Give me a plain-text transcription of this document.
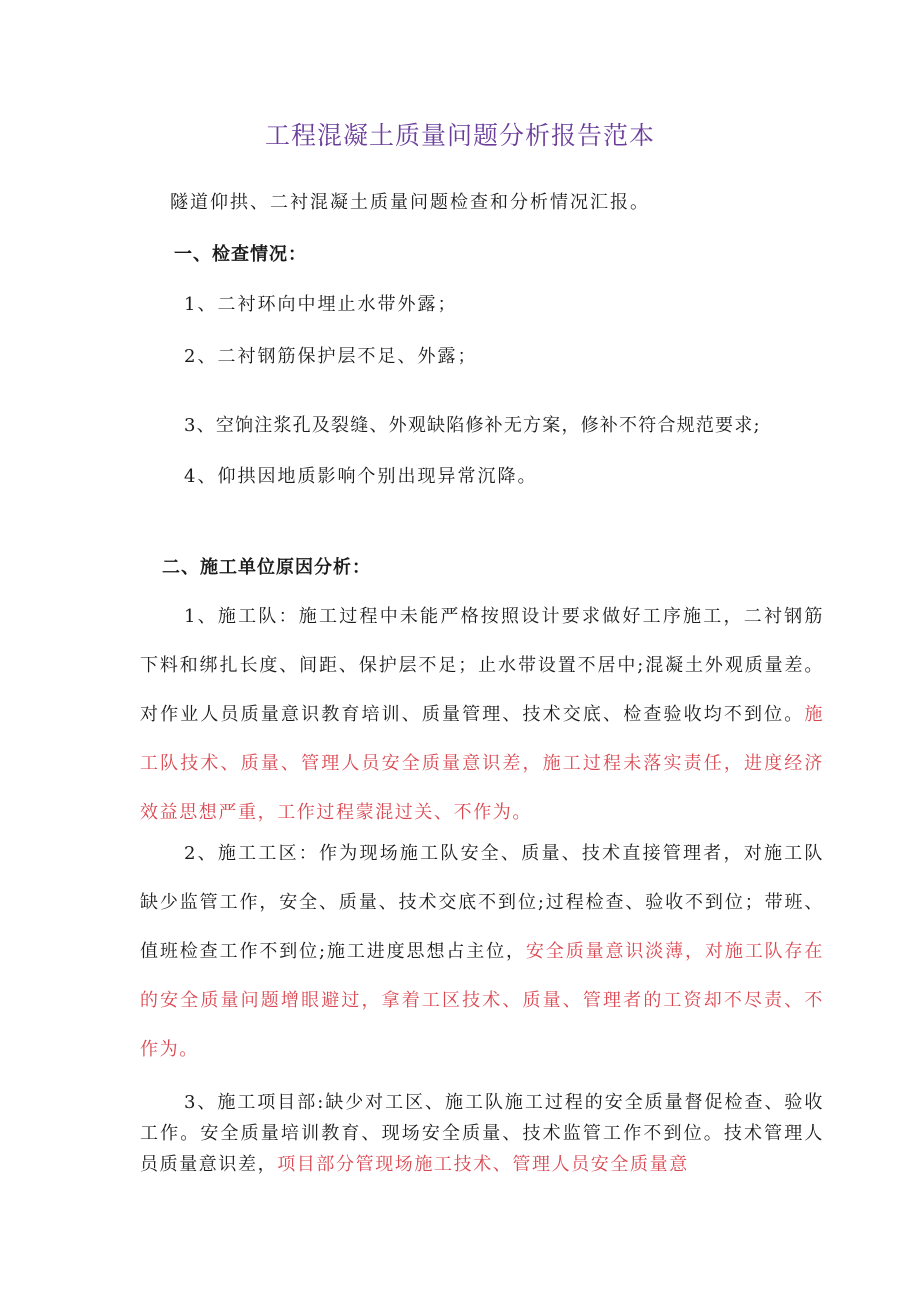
工程混凝土质量问题分析报告范本
隧道仰拱、二衬混凝土质量问题检查和分析情况汇报。
一、检查情况：
1、二衬环向中埋止水带外露；
2、二衬钢筋保护层不足、外露；
3、空饷注浆孔及裂缝、外观缺陷修补无方案，修补不符合规范要求;
4、仰拱因地质影响个别出现异常沉降。
二、施工单位原因分析：
1、施工队：施工过程中未能严格按照设计要求做好工序施工，二衬钢筋下料和绑扎长度、间距、保护层不足；止水带设置不居中;混凝土外观质量差。对作业人员质量意识教育培训、质量管理、技术交底、检查验收均不到位。施工队技术、质量、管理人员安全质量意识差，施工过程未落实责任，进度经济效益思想严重，工作过程蒙混过关、不作为。
2、施工工区：作为现场施工队安全、质量、技术直接管理者，对施工队缺少监管工作，安全、质量、技术交底不到位;过程检查、验收不到位；带班、值班检查工作不到位;施工进度思想占主位，安全质量意识淡薄，对施工队存在的安全质量问题增眼避过，拿着工区技术、质量、管理者的工资却不尽责、不作为。
3、施工项目部:缺少对工区、施工队施工过程的安全质量督促检查、验收工作。安全质量培训教育、现场安全质量、技术监管工作不到位。技术管理人员质量意识差，项目部分管现场施工技术、管理人员安全质量意
